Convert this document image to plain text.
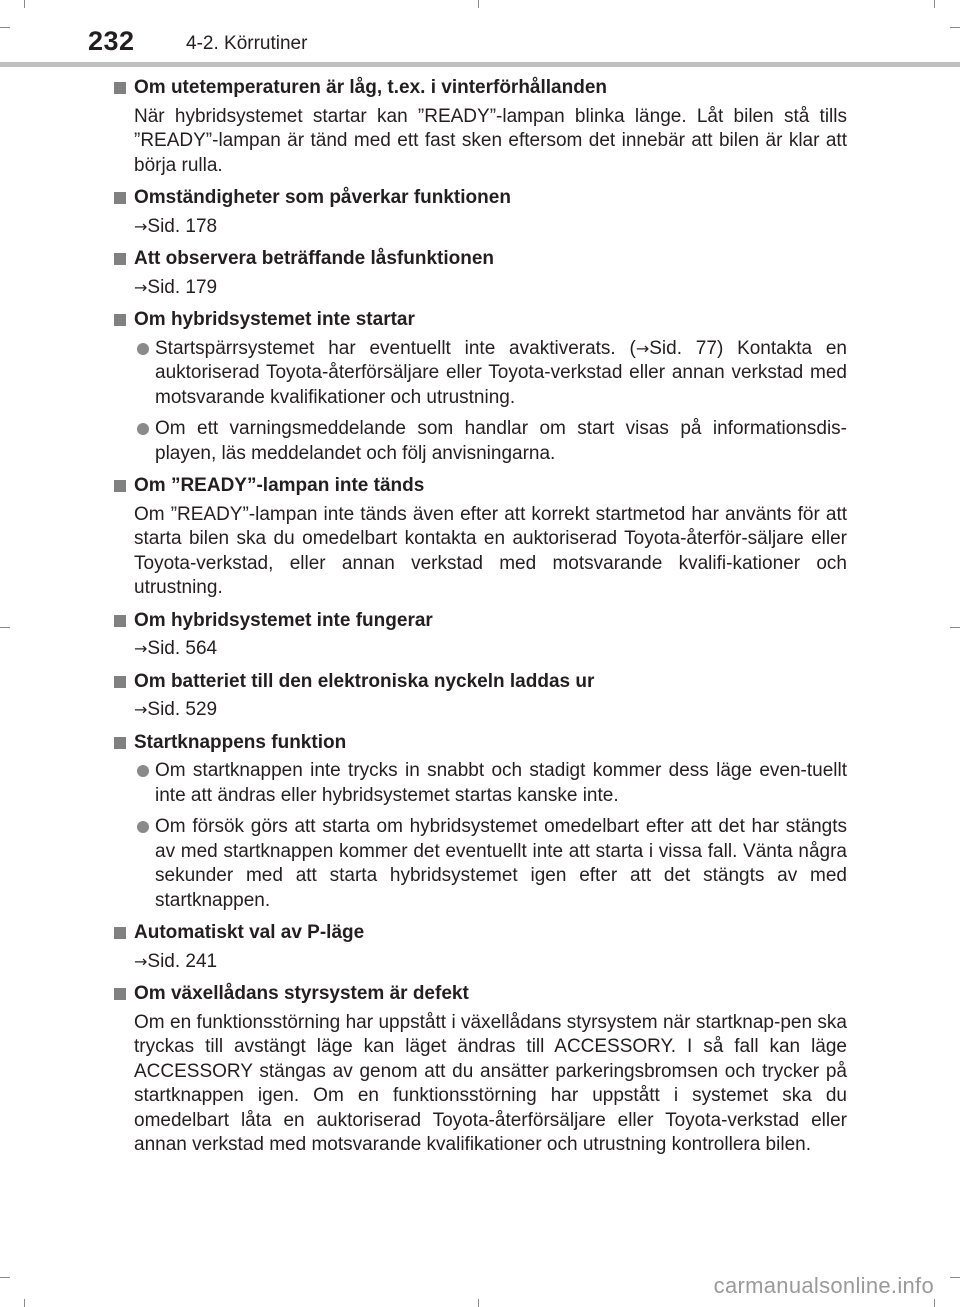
232	4-2. Körrutiner
Om utetemperaturen är låg, t.ex. i vinterförhållanden
När hybridsystemet startar kan ”READY”-lampan blinka länge. Låt bilen stå tills ”READY”-lampan är tänd med ett fast sken eftersom det innebär att bilen är klar att börja rulla.
Omständigheter som påverkar funktionen
→Sid. 178
Att observera beträffande låsfunktionen
→Sid. 179
Om hybridsystemet inte startar
Startspärrsystemet har eventuellt inte avaktiverats. (→Sid. 77) Kontakta en auktoriserad Toyota-återförsäljare eller Toyota-verkstad eller annan verkstad med motsvarande kvalifikationer och utrustning.
Om ett varningsmeddelande som handlar om start visas på informationsdis-playen, läs meddelandet och följ anvisningarna.
Om ”READY”-lampan inte tänds
Om ”READY”-lampan inte tänds även efter att korrekt startmetod har använts för att starta bilen ska du omedelbart kontakta en auktoriserad Toyota-återför-säljare eller Toyota-verkstad, eller annan verkstad med motsvarande kvalifi-kationer och utrustning.
Om hybridsystemet inte fungerar
→Sid. 564
Om batteriet till den elektroniska nyckeln laddas ur
→Sid. 529
Startknappens funktion
Om startknappen inte trycks in snabbt och stadigt kommer dess läge even-tuellt inte att ändras eller hybridsystemet startas kanske inte.
Om försök görs att starta om hybridsystemet omedelbart efter att det har stängts av med startknappen kommer det eventuellt inte att starta i vissa fall. Vänta några sekunder med att starta hybridsystemet igen efter att det stängts av med startknappen.
Automatiskt val av P-läge
→Sid. 241
Om växellådans styrsystem är defekt
Om en funktionsstörning har uppstått i växellådans styrsystem när startknap-pen ska tryckas till avstängt läge kan läget ändras till ACCESSORY. I så fall kan läge ACCESSORY stängas av genom att du ansätter parkeringsbromsen och trycker på startknappen igen. Om en funktionsstörning har uppstått i systemet ska du omedelbart låta en auktoriserad Toyota-återförsäljare eller Toyota-verkstad eller annan verkstad med motsvarande kvalifikationer och utrustning kontrollera bilen.
carmanualsonline.info
